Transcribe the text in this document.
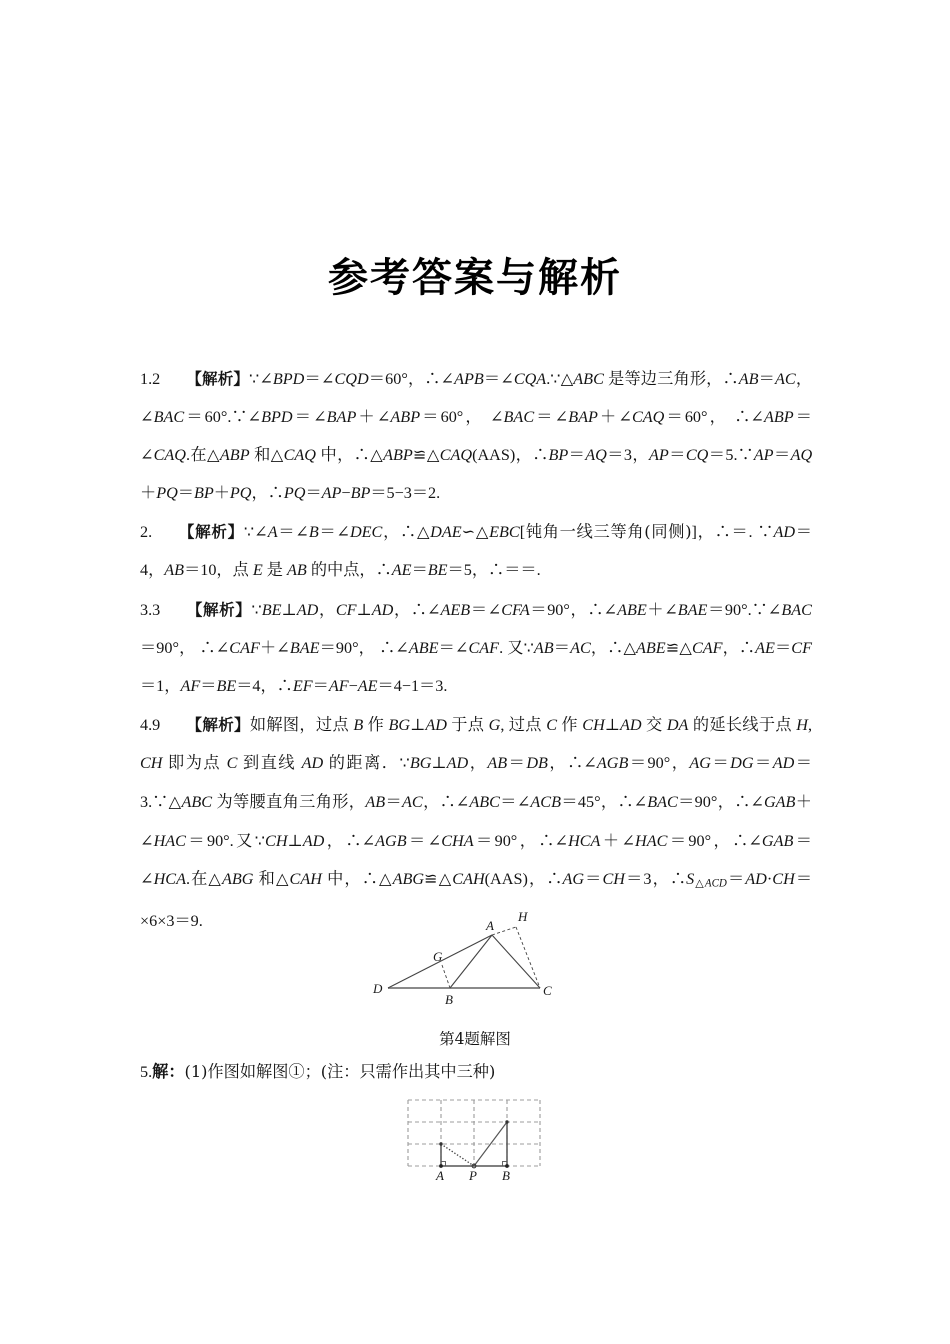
参考答案与解析

1.2 【解析】∵∠BPD＝∠CQD＝60°，∴∠APB＝∠CQA.∵△ABC 是等边三角形，∴AB＝AC， ∠BAC＝60°.∵∠BPD＝∠BAP＋∠ABP＝60°， ∠BAC＝∠BAP＋∠CAQ＝60°， ∴∠ABP＝∠CAQ.在△ABP 和△CAQ 中，∴△ABP≌△CAQ(AAS)，∴BP＝AQ＝3，AP＝CQ＝5.∵AP＝AQ＋PQ＝BP＋PQ，∴PQ＝AP−BP＝5−3＝2.

2. 【解析】∵∠A＝∠B＝∠DEC，∴△DAE∽△EBC[钝角一线三等角(同侧)]，∴＝. ∵AD＝4，AB＝10，点 E 是 AB 的中点，∴AE＝BE＝5，∴＝＝.

3.3 【解析】∵BE⊥AD，CF⊥AD，∴∠AEB＝∠CFA＝90°，∴∠ABE＋∠BAE＝90°.∵∠BAC＝90°， ∴∠CAF＋∠BAE＝90°， ∴∠ABE＝∠CAF. 又∵AB＝AC，∴△ABE≌△CAF，∴AE＝CF＝1，AF＝BE＝4，∴EF＝AF−AE＝4−1＝3.

4.9 【解析】如解图，过点 B 作 BG⊥AD 于点 G, 过点 C 作 CH⊥AD 交 DA 的延长线于点 H, CH 即为点 C 到直线 AD 的距离．∵BG⊥AD，AB＝DB，∴∠AGB＝90°，AG＝DG＝AD＝3.∵△ABC 为等腰直角三角形，AB＝AC，∴∠ABC＝∠ACB＝45°，∴∠BAC＝90°，∴∠GAB＋∠HAC＝90°.又∵CH⊥AD，∴∠AGB＝∠CHA＝90°，∴∠HCA＋∠HAC＝90°，∴∠GAB＝∠HCA.在△ABG 和△CAH 中，∴△ABG≌△CAH(AAS)，∴AG＝CH＝3，$\therefore S_{\triangle ACD}=AD\cdot CH=\times 6\times 3=9$.	H
A
G
D
B
C
第4题解图
5.解：(1)作图如解图①；(注：只需作出其中三种)
A P B
